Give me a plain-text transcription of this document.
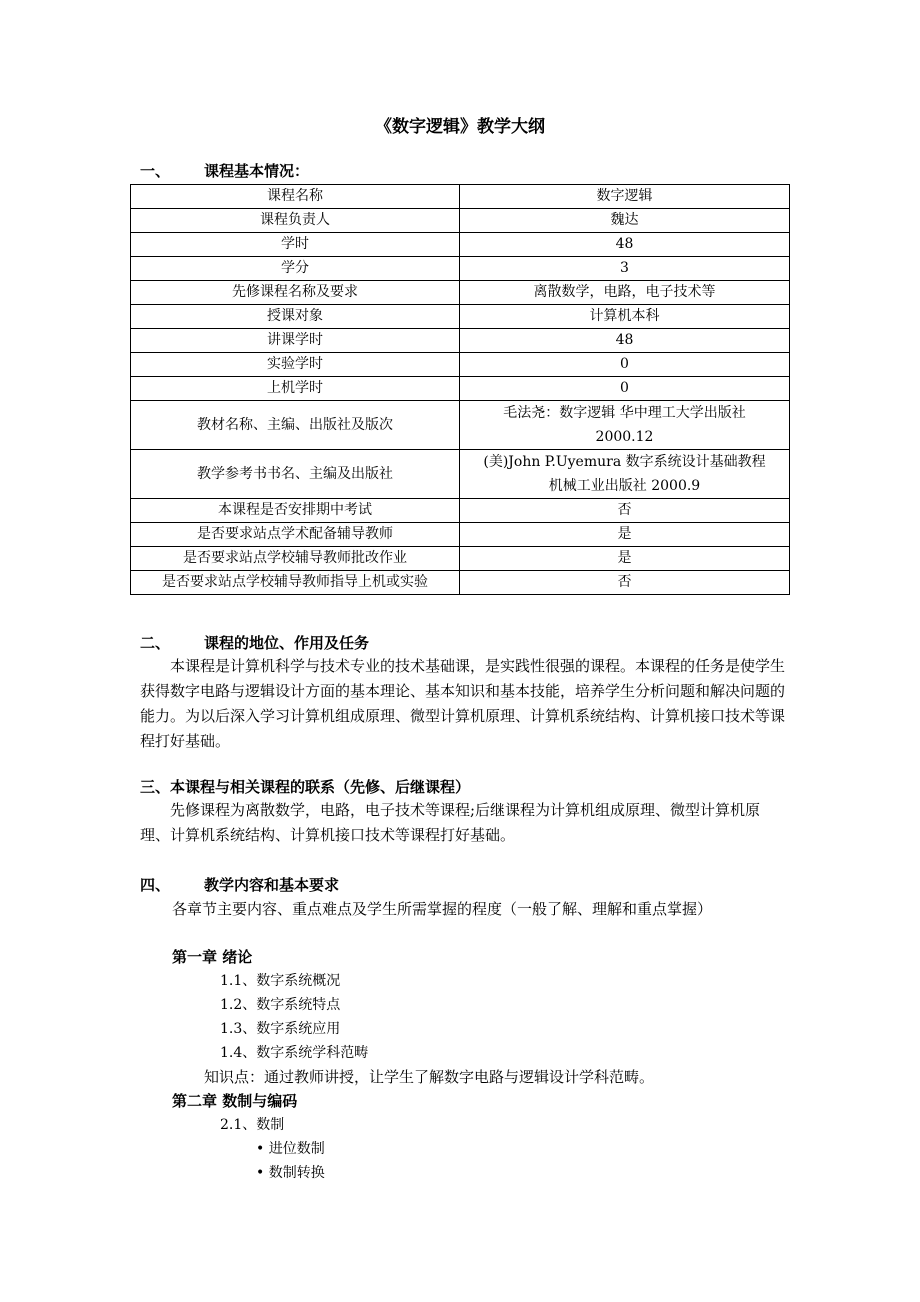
《数字逻辑》教学大纲
一、 课程基本情况：
课程名称	数字逻辑
课程负责人	魏达
学时	48
学分	3
先修课程名称及要求	离散数学，电路，电子技术等
授课对象	计算机本科
讲课学时	48
实验学时	0
上机学时	0
教材名称、主编、出版社及版次	毛法尧：数字逻辑 华中理工大学出版社
2000.12

教学参考书书名、主编及出版社	(美)John P.Uyemura 数字系统设计基础教程
机械工业出版社 2000.9

本课程是否安排期中考试	否
是否要求站点学术配备辅导教师	是
是否要求站点学校辅导教师批改作业	是
是否要求站点学校辅导教师指导上机或实验	否
二、 课程的地位、作用及任务
本课程是计算机科学与技术专业的技术基础课，是实践性很强的课程。本课程的任务是使学生获得数字电路与逻辑设计方面的基本理论、基本知识和基本技能，培养学生分析问题和解决问题的能力。为以后深入学习计算机组成原理、微型计算机原理、计算机系统结构、计算机接口技术等课程打好基础。
三、本课程与相关课程的联系（先修、后继课程）
先修课程为离散数学，电路，电子技术等课程;后继课程为计算机组成原理、微型计算机原理、计算机系统结构、计算机接口技术等课程打好基础。
四、 教学内容和基本要求
各章节主要内容、重点难点及学生所需掌握的程度（一般了解、理解和重点掌握）
第一章 绪论
1.1、数字系统概况
1.2、数字系统特点
1.3、数字系统应用
1.4、数字系统学科范畴
知识点：通过教师讲授，让学生了解数字电路与逻辑设计学科范畴。
第二章 数制与编码
2.1、数制
• 进位数制
• 数制转换
